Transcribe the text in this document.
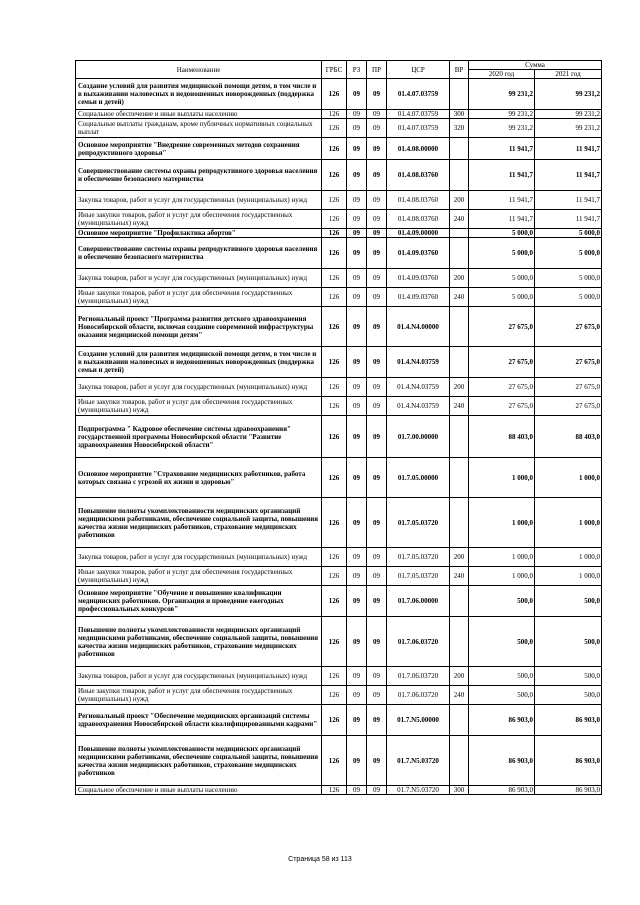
Наименование	ГРБС	РЗ	ПР	ЦСР	ВР	Сумма	
						2020 год	2021 год
Создание условий для развития медицинской помощи детям, в том числе и в выхаживании маловесных и недоношенных новорожденных (поддержка семьи и детей)	126	09	09	01.4.07.03759		99 231,2	99 231,2
Социальное обеспечение и иные выплаты населению	126	09	09	01.4.07.03759	300	99 231,2	99 231,2
Социальные выплаты гражданам, кроме публичных нормативных социальных выплат	126	09	09	01.4.07.03759	320	99 231,2	99 231,2
Основное мероприятие "Внедрение современных методов сохранения репродуктивного здоровья"	126	09	09	01.4.08.00000		11 941,7	11 941,7
Совершенствование системы охраны репродуктивного здоровья населения и обеспечение безопасного материнства	126	09	09	01.4.08.03760		11 941,7	11 941,7
Закупка товаров, работ и услуг для государственных (муниципальных) нужд	126	09	09	01.4.08.03760	200	11 941,7	11 941,7
Иные закупки товаров, работ и услуг для обеспечения государственных (муниципальных) нужд	126	09	09	01.4.08.03760	240	11 941,7	11 941,7
Основное мероприятие "Профилактика абортов"	126	09	09	01.4.09.00000		5 000,0	5 000,0
Совершенствование системы охраны репродуктивного здоровья населения и обеспечение безопасного материнства	126	09	09	01.4.09.03760		5 000,0	5 000,0
Закупка товаров, работ и услуг для государственных (муниципальных) нужд	126	09	09	01.4.09.03760	200	5 000,0	5 000,0
Иные закупки товаров, работ и услуг для обеспечения государственных (муниципальных) нужд	126	09	09	01.4.09.03760	240	5 000,0	5 000,0
Региональный проект "Программа развития детского здравоохранения Новосибирской области, включая создание современной инфраструктуры оказания медицинской помощи детям"	126	09	09	01.4.N4.00000		27 675,0	27 675,0
Создание условий для развития медицинской помощи детям, в том числе и в выхаживании маловесных и недоношенных новорожденных (поддержка семьи и детей)	126	09	09	01.4.N4.03759		27 675,0	27 675,0
Закупка товаров, работ и услуг для государственных (муниципальных) нужд	126	09	09	01.4.N4.03759	200	27 675,0	27 675,0
Иные закупки товаров, работ и услуг для обеспечения государственных (муниципальных) нужд	126	09	09	01.4.N4.03759	240	27 675,0	27 675,0
Подпрограмма " Кадровое обеспечение системы здравоохранения" государственной программы Новосибирской области "Развитие здравоохранения Новосибирской области"	126	09	09	01.7.00.00000		88 403,0	88 403,0
Основное мероприятие "Страхование медицинских работников, работа которых связана с угрозой их жизни и здоровью"	126	09	09	01.7.05.00000		1 000,0	1 000,0
Повышение полноты укомплектованности медицинских организаций медицинскими работниками, обеспечение социальной защиты, повышения качества жизни медицинских работников, страхование медицинских работников	126	09	09	01.7.05.03720		1 000,0	1 000,0
Закупка товаров, работ и услуг для государственных (муниципальных) нужд	126	09	09	01.7.05.03720	200	1 000,0	1 000,0
Иные закупки товаров, работ и услуг для обеспечения государственных (муниципальных) нужд	126	09	09	01.7.05.03720	240	1 000,0	1 000,0
Основное мероприятие "Обучение и повышение квалификации медицинских работников. Организация и проведение ежегодных профессиональных конкурсов"	126	09	09	01.7.06.00000		500,0	500,0
Повышение полноты укомплектованности медицинских организаций медицинскими работниками, обеспечение социальной защиты, повышения качества жизни медицинских работников, страхование медицинских работников	126	09	09	01.7.06.03720		500,0	500,0
Закупка товаров, работ и услуг для государственных (муниципальных) нужд	126	09	09	01.7.06.03720	200	500,0	500,0
Иные закупки товаров, работ и услуг для обеспечения государственных (муниципальных) нужд	126	09	09	01.7.06.03720	240	500,0	500,0
Региональный проект "Обеспечение медицинских организаций системы здравоохранения Новосибирской области квалифицированными кадрами"	126	09	09	01.7.N5.00000		86 903,0	86 903,0
Повышение полноты укомплектованности медицинских организаций медицинскими работниками, обеспечение социальной защиты, повышения качества жизни медицинских работников, страхование медицинских работников	126	09	09	01.7.N5.03720		86 903,0	86 903,0
Социальное обеспечение и иные выплаты населению	126	09	09	01.7.N5.03720	300	86 903,0	86 903,0
Страница 58 из 113
